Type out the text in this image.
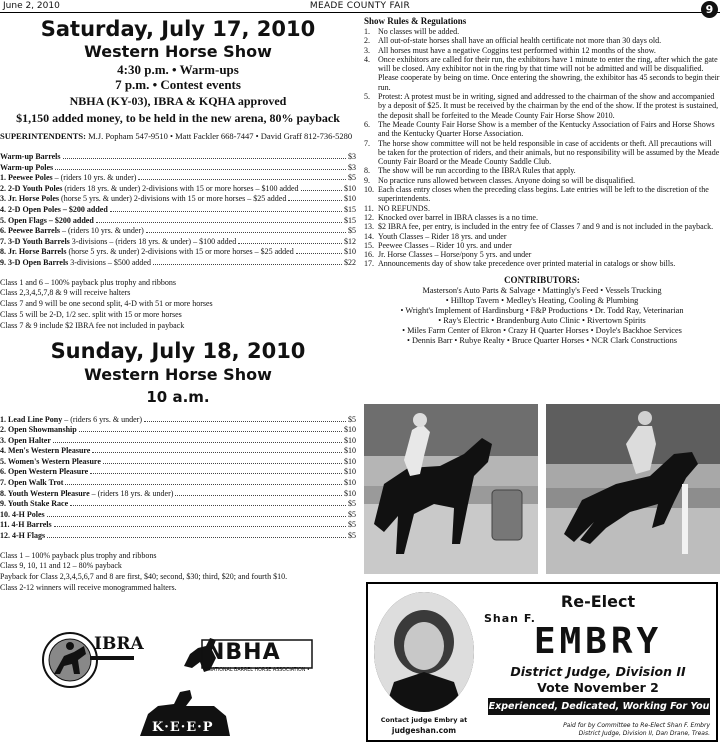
June 2, 2010	MEADE COUNTY FAIR	9
Saturday, July 17, 2010
Western Horse Show
4:30 p.m. • Warm-ups
7 p.m. • Contest events
NBHA (KY-03), IBRA & KQHA approved
$1,150 added money, to be held in the new arena, 80% payback
SUPERINTENDENTS: M.J. Popham 547-9510 • Matt Fackler 668-7447 • David Graff 812-736-5280
Warm-up Barrels	$3
Warm-up Poles	$3
1. Peewee Poles – (riders 10 yrs. & under)	$5
2. 2-D Youth Poles (riders 18 yrs. & under) 2-divisions with 15 or more horses – $100 added	$10
3. Jr. Horse Poles (horse 5 yrs. & under) 2-divisions with 15 or more horses – $25 added	$10
4. 2-D Open Poles – $200 added	$15
5. Open Flags – $200 added	$15
6. Peewee Barrels – (riders 10 yrs. & under)	$5
7. 3-D Youth Barrels 3-divisions – (riders 18 yrs. & under) – $100 added	$12
8. Jr. Horse Barrels (horse 5 yrs. & under) 2-divisions with 15 or more horses – $25 added	$10
9. 3-D Open Barrels 3-divisions – $500 added	$22
Class 1 and 6 – 100% payback plus trophy and ribbons
Class 2,3,4,5,7,8 & 9 will receive halters
Class 7 and 9 will be one second split, 4-D with 51 or more horses
Class 5 will be 2-D, 1/2 sec. split with 15 or more horses
Class 7 & 9 include $2 IBRA fee not included in payback
Sunday, July 18, 2010
Western Horse Show
10 a.m.
1. Lead Line Pony – (riders 6 yrs. & under)	$5
2. Open Showmanship	$10
3. Open Halter	$10
4. Men's Western Pleasure	$10
5. Women's Western Pleasure	$10
6. Open Western Pleasure	$10
7. Open Walk Trot	$10
8. Youth Western Pleasure – (riders 18 yrs. & under)	$10
9. Youth Stake Race	$5
10. 4-H Poles	$5
11. 4-H Barrels	$5
12. 4-H Flags	$5
Class 1 – 100% payback plus trophy and ribbons
Class 9, 10, 11 and 12 – 80% payback
Payback for Class 2,3,4,5,6,7 and 8 are first, $40; second, $30; third, $20; and fourth $10.
Class 2-12 winners will receive monogrammed halters.
IBRA	NBHA
• NATIONAL BARREL HORSE ASSOCIATION •
K·E·E·P
Show Rules & Regulations
1.	No classes will be added.
2.	All out-of-state horses shall have an official health certificate not more than 30 days old.
3.	All horses must have a negative Coggins test performed within 12 months of the show.
4.	Once exhibitors are called for their run, the exhibitors have 1 minute to enter the ring, after which the gate will be closed. Any exhibitor not in the ring by that time will not be admitted and will be disqualified. Please cooperate by being on time. Once entering the showring, the exhibitor has 45 seconds to begin their run.
5.	Protest: A protest must be in writing, signed and addressed to the chairman of the show and accompanied by a deposit of $25. It must be received by the chairman by the end of the show. If the protest is sustained, the deposit shall be forfeited to the Meade County Fair Horse Show 2010.
6.	The Meade County Fair Horse Show is a member of the Kentucky Association of Fairs and Horse Shows and the Kentucky Quarter Horse Association.
7.	The horse show committee will not be held responsible in case of accidents or theft. All precautions will be taken for the protection of riders, and their animals, but no responsibility will be assumed by the Meade County Fair Board or the Meade County Saddle Club.
8.	The show will be run according to the IBRA Rules that apply.
9.	No practice runs allowed between classes. Anyone doing so will be disqualified.
10. Each class entry closes when the preceding class begins. Late entries will be left to the discretion of the superintendents.
11. NO REFUNDS.
12. Knocked over barrel in IBRA classes is a no time.
13. $2 IBRA fee, per entry, is included in the entry fee of Classes 7 and 9 and is not included in the payback.
14. Youth Classes – Rider 18 yrs. and under
15. Peewee Classes – Rider 10 yrs. and under
16. Jr. Horse Classes – Horse/pony 5 yrs. and under
17. Announcements day of show take precedence over printed material in catalogs or show bills.
CONTRIBUTORS:
Masterson's Auto Parts & Salvage • Mattingly's Feed • Vessels Trucking
• Hilltop Tavern • Medley's Heating, Cooling & Plumbing
• Wright's Implement of Hardinsburg • F&P Productions • Dr. Todd Ray, Veterinarian
• Ray's Electric • Brandenburg Auto Clinic • Rivertown Spirits
• Miles Farm Center of Ekron • Crazy H Quarter Horses • Doyle's Backhoe Services
• Dennis Barr • Rubye Realty • Bruce Quarter Horses • NCR Clark Constructions
Contact judge Embry at
judgeshan.com
Re-Elect
Shan F.
EMBRY
District Judge, Division II
Vote November 2
Experienced, Dedicated, Working For You
Paid for by Committee to Re-Elect Shan F. Embry
District Judge, Division II, Dan Drane, Treas.
